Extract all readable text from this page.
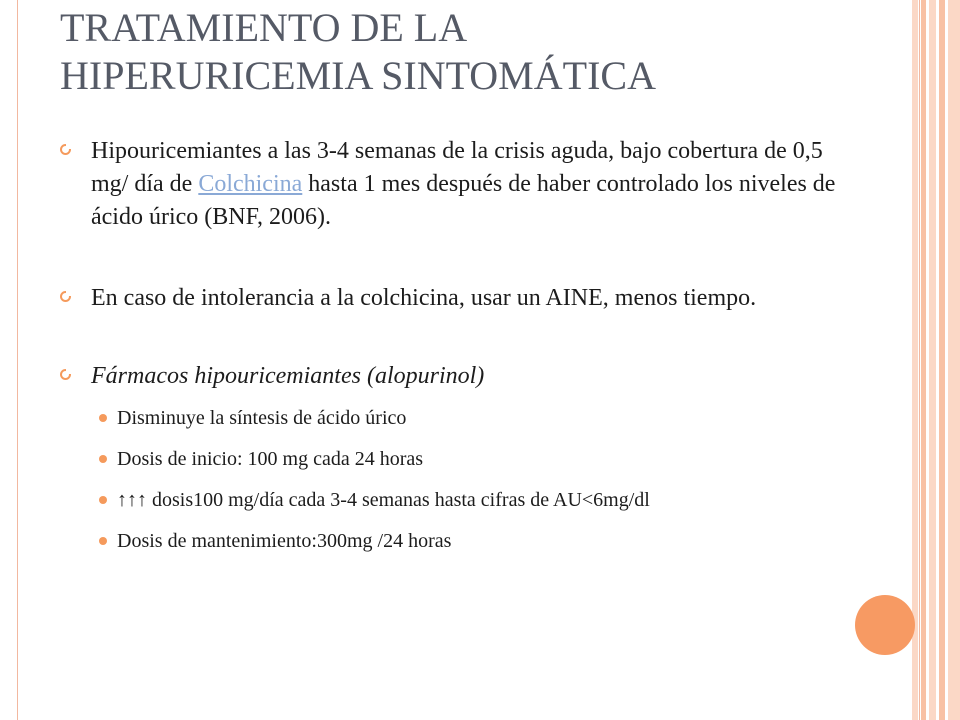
TRATAMIENTO DE LA
HIPERURICEMIA SINTOMÁTICA
Hipouricemiantes a las 3-4 semanas de la crisis aguda, bajo cobertura de 0,5 mg/ día de Colchicina hasta 1 mes después de haber controlado los niveles de ácido úrico (BNF, 2006).
En caso de intolerancia a la colchicina, usar un AINE, menos tiempo.
Fármacos hipouricemiantes (alopurinol)
Disminuye la síntesis de ácido úrico
Dosis de inicio: 100 mg cada 24 horas
↑↑↑ dosis100 mg/día cada 3-4 semanas hasta cifras de AU<6mg/dl
Dosis de mantenimiento:300mg /24 horas
